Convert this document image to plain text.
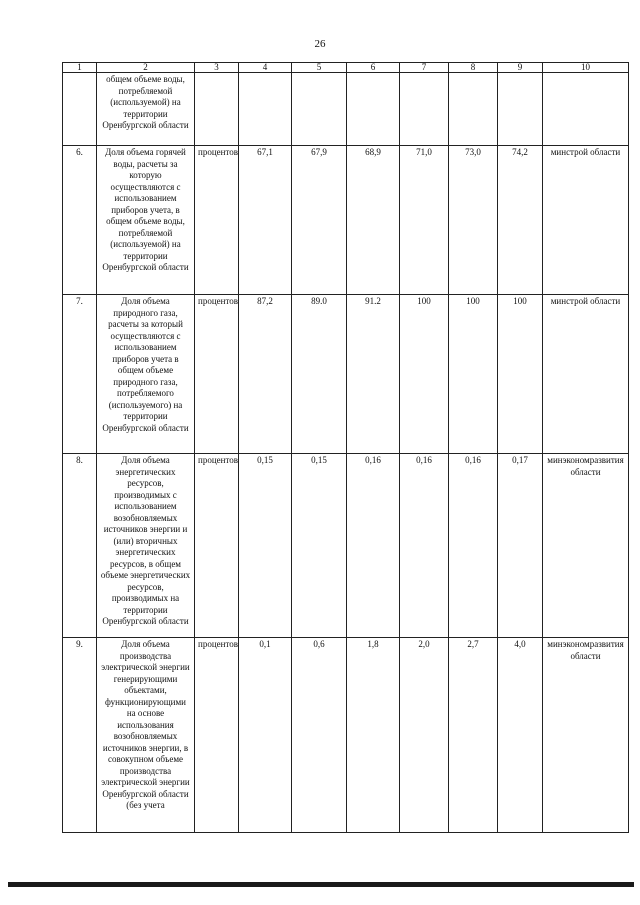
26
1	2	3	4	5	6	7	8	9	10
	общем объеме воды, потребляемой (используемой) на территории Оренбургской области								
6.	Доля объема горячей воды, расчеты за которую осуществляются с использованием приборов учета, в общем объеме воды, потребляемой (используемой) на территории Оренбургской области	процентов	67,1	67,9	68,9	71,0	73,0	74,2	минстрой области
7.	Доля объема природного газа, расчеты за который осуществляются с использованием приборов учета в общем объеме природного газа, потребляемого (используемого) на территории Оренбургской области	процентов	87,2	89.0	91.2	100	100	100	минстрой области
8.	Доля объема энергетических ресурсов, производимых с использованием возобновляемых источников энергии и (или) вторичных энергетических ресурсов, в общем объеме энергетических ресурсов, производимых на территории Оренбургской области	процентов	0,15	0,15	0,16	0,16	0,16	0,17	минэкономразвития области
9.	Доля объема производства электрической энергии генерирующими объектами, функционирующими на основе использования возобновляемых источников энергии, в совокупном объеме производства электрической энергии Оренбургской области (без учета	процентов	0,1	0,6	1,8	2,0	2,7	4,0	минэкономразвития области
